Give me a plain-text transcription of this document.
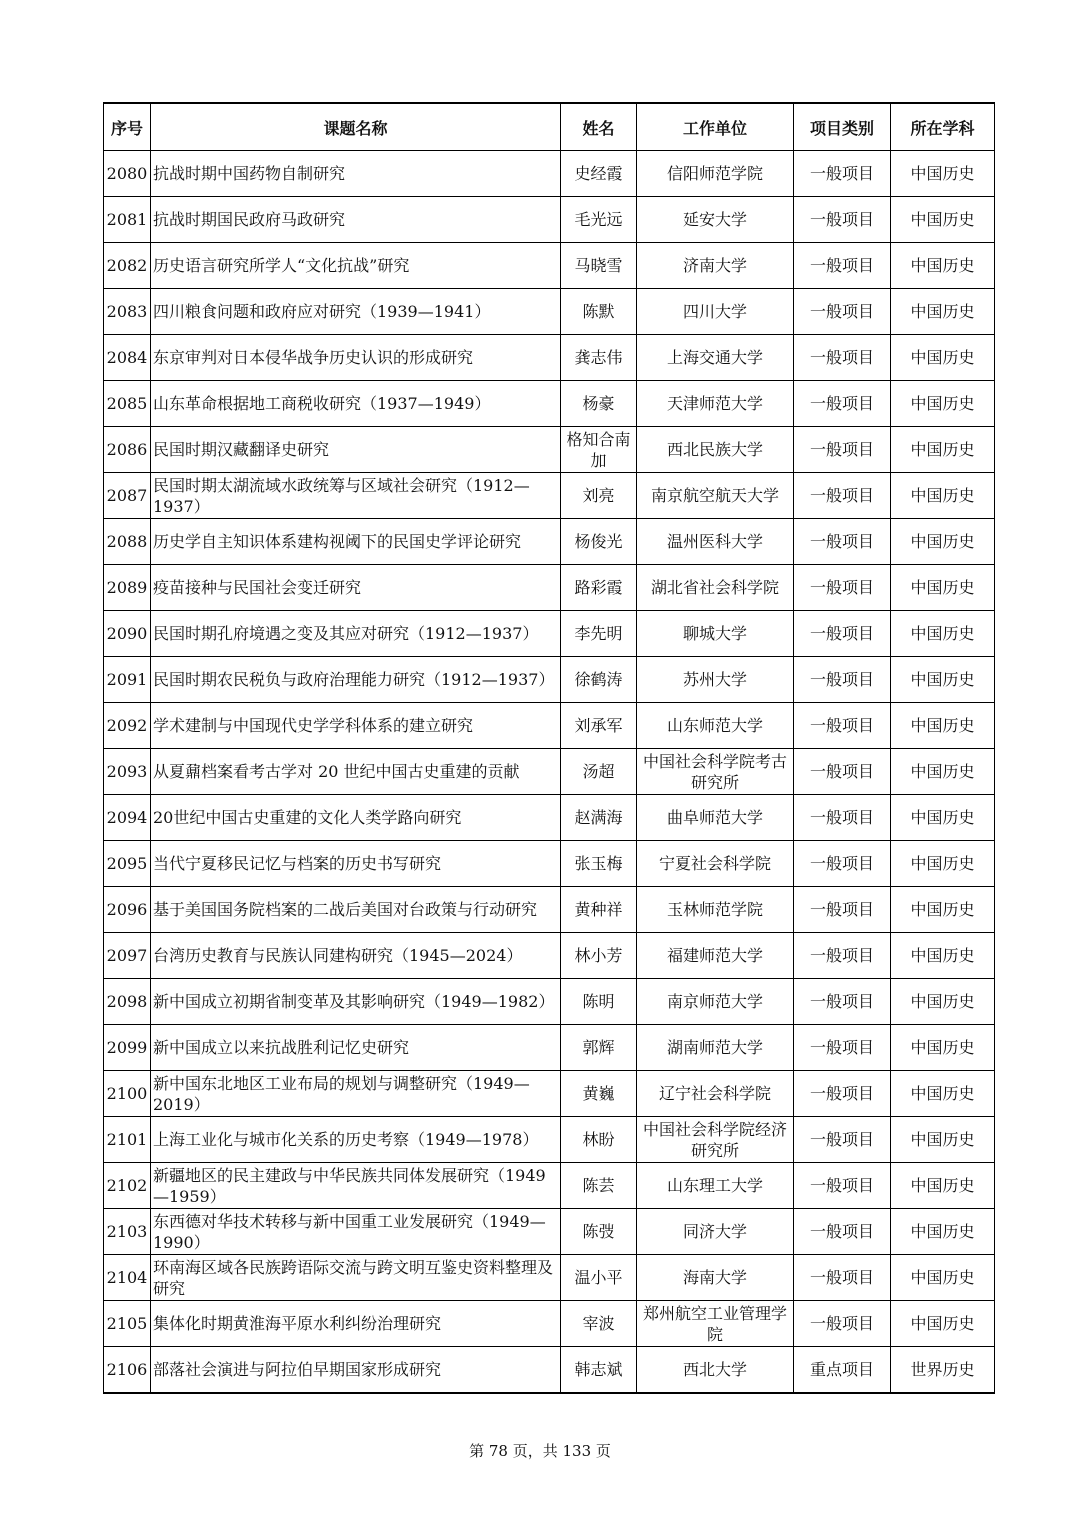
序号	课题名称	姓名	工作单位	项目类别	所在学科
2080	抗战时期中国药物自制研究	史经霞	信阳师范学院	一般项目	中国历史
2081	抗战时期国民政府马政研究	毛光远	延安大学	一般项目	中国历史
2082	历史语言研究所学人“文化抗战”研究	马晓雪	济南大学	一般项目	中国历史
2083	四川粮食问题和政府应对研究（1939—1941）	陈默	四川大学	一般项目	中国历史
2084	东京审判对日本侵华战争历史认识的形成研究	龚志伟	上海交通大学	一般项目	中国历史
2085	山东革命根据地工商税收研究（1937—1949）	杨豪	天津师范大学	一般项目	中国历史
2086	民国时期汉藏翻译史研究	格知合南加	西北民族大学	一般项目	中国历史
2087	民国时期太湖流域水政统筹与区域社会研究（1912—1937）	刘亮	南京航空航天大学	一般项目	中国历史
2088	历史学自主知识体系建构视阈下的民国史学评论研究	杨俊光	温州医科大学	一般项目	中国历史
2089	疫苗接种与民国社会变迁研究	路彩霞	湖北省社会科学院	一般项目	中国历史
2090	民国时期孔府境遇之变及其应对研究（1912—1937）	李先明	聊城大学	一般项目	中国历史
2091	民国时期农民税负与政府治理能力研究（1912—1937）	徐鹤涛	苏州大学	一般项目	中国历史
2092	学术建制与中国现代史学学科体系的建立研究	刘承军	山东师范大学	一般项目	中国历史
2093	从夏鼐档案看考古学对 20 世纪中国古史重建的贡献	汤超	中国社会科学院考古研究所	一般项目	中国历史
2094	20世纪中国古史重建的文化人类学路向研究	赵满海	曲阜师范大学	一般项目	中国历史
2095	当代宁夏移民记忆与档案的历史书写研究	张玉梅	宁夏社会科学院	一般项目	中国历史
2096	基于美国国务院档案的二战后美国对台政策与行动研究	黄种祥	玉林师范学院	一般项目	中国历史
2097	台湾历史教育与民族认同建构研究（1945—2024）	林小芳	福建师范大学	一般项目	中国历史
2098	新中国成立初期省制变革及其影响研究（1949—1982）	陈明	南京师范大学	一般项目	中国历史
2099	新中国成立以来抗战胜利记忆史研究	郭辉	湖南师范大学	一般项目	中国历史
2100	新中国东北地区工业布局的规划与调整研究（1949—2019）	黄巍	辽宁社会科学院	一般项目	中国历史
2101	上海工业化与城市化关系的历史考察（1949—1978）	林盼	中国社会科学院经济研究所	一般项目	中国历史
2102	新疆地区的民主建政与中华民族共同体发展研究（1949—1959）	陈芸	山东理工大学	一般项目	中国历史
2103	东西德对华技术转移与新中国重工业发展研究（1949—1990）	陈弢	同济大学	一般项目	中国历史
2104	环南海区域各民族跨语际交流与跨文明互鉴史资料整理及研究	温小平	海南大学	一般项目	中国历史
2105	集体化时期黄淮海平原水利纠纷治理研究	宰波	郑州航空工业管理学院	一般项目	中国历史
2106	部落社会演进与阿拉伯早期国家形成研究	韩志斌	西北大学	重点项目	世界历史
第 78 页，共 133 页
